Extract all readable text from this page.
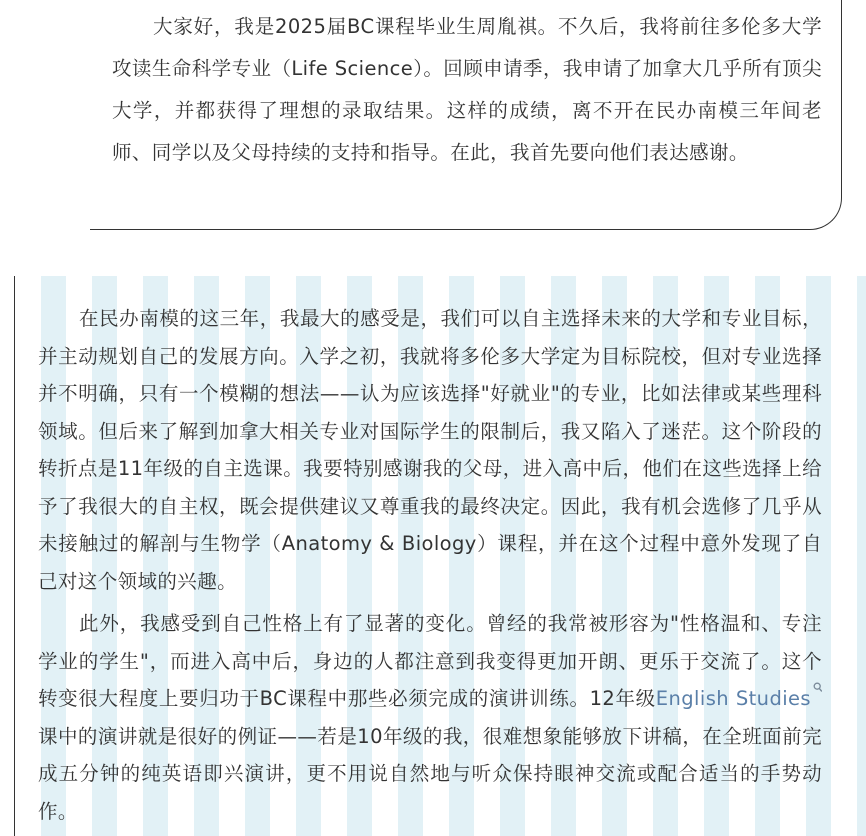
大家好，我是2025届BC课程毕业生周胤祺。不久后，我将前往多伦多大学攻读生命科学专业（Life Science）。回顾申请季，我申请了加拿大几乎所有顶尖大学，并都获得了理想的录取结果。这样的成绩，离不开在民办南模三年间老师、同学以及父母持续的支持和指导。在此，我首先要向他们表达感谢。

在民办南模的这三年，我最大的感受是，我们可以自主选择未来的大学和专业目标，并主动规划自己的发展方向。入学之初，我就将多伦多大学定为目标院校，但对专业选择并不明确，只有一个模糊的想法——认为应该选择"好就业"的专业，比如法律或某些理科领域。但后来了解到加拿大相关专业对国际学生的限制后，我又陷入了迷茫。这个阶段的转折点是11年级的自主选课。我要特别感谢我的父母，进入高中后，他们在这些选择上给予了我很大的自主权，既会提供建议又尊重我的最终决定。因此，我有机会选修了几乎从未接触过的解剖与生物学（Anatomy & Biology）课程，并在这个过程中意外发现了自己对这个领域的兴趣。

此外，我感受到自己性格上有了显著的变化。曾经的我常被形容为"性格温和、专注学业的学生"，而进入高中后，身边的人都注意到我变得更加开朗、更乐于交流了。这个转变很大程度上要归功于BC课程中那些必须完成的演讲训练。12年级English Studies
课中的演讲就是很好的例证——若是10年级的我，很难想象能够放下讲稿，在全班面前完成五分钟的纯英语即兴演讲，更不用说自然地与听众保持眼神交流或配合适当的手势动作。
